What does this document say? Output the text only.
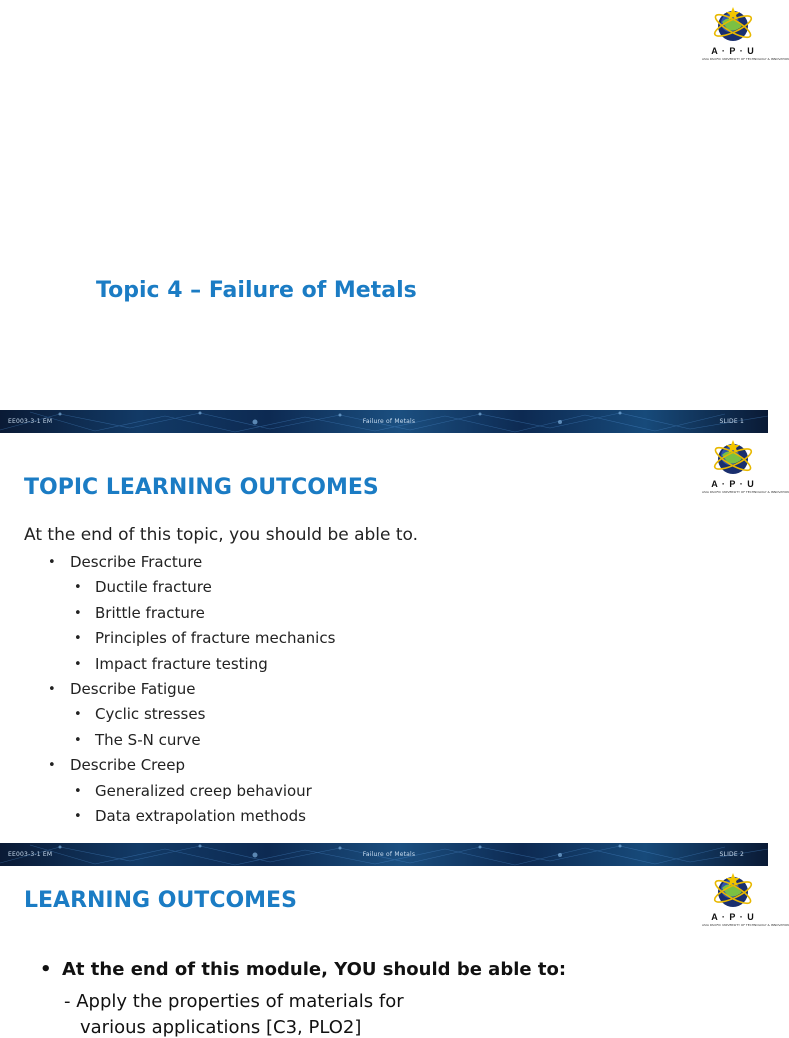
A · P · U
ASIA PACIFIC UNIVERSITY OF TECHNOLOGY & INNOVATION
Topic 4 – Failure of Metals
EE003-3-1 EM	Failure of Metals	SLIDE 1
A · P · U
ASIA PACIFIC UNIVERSITY OF TECHNOLOGY & INNOVATION
TOPIC LEARNING OUTCOMES
At the end of this topic, you should be able to.
• Describe Fracture
• Ductile fracture
• Brittle fracture
• Principles of fracture mechanics
• Impact fracture testing
• Describe Fatigue
• Cyclic stresses
• The S-N curve
• Describe Creep
• Generalized creep behaviour
• Data extrapolation methods
EE003-3-1 EM	Failure of Metals	SLIDE 2
A · P · U
ASIA PACIFIC UNIVERSITY OF TECHNOLOGY & INNOVATION
LEARNING OUTCOMES
• At the end of this module, YOU should be able to:
- Apply the properties of materials for
various applications [C3, PLO2]
